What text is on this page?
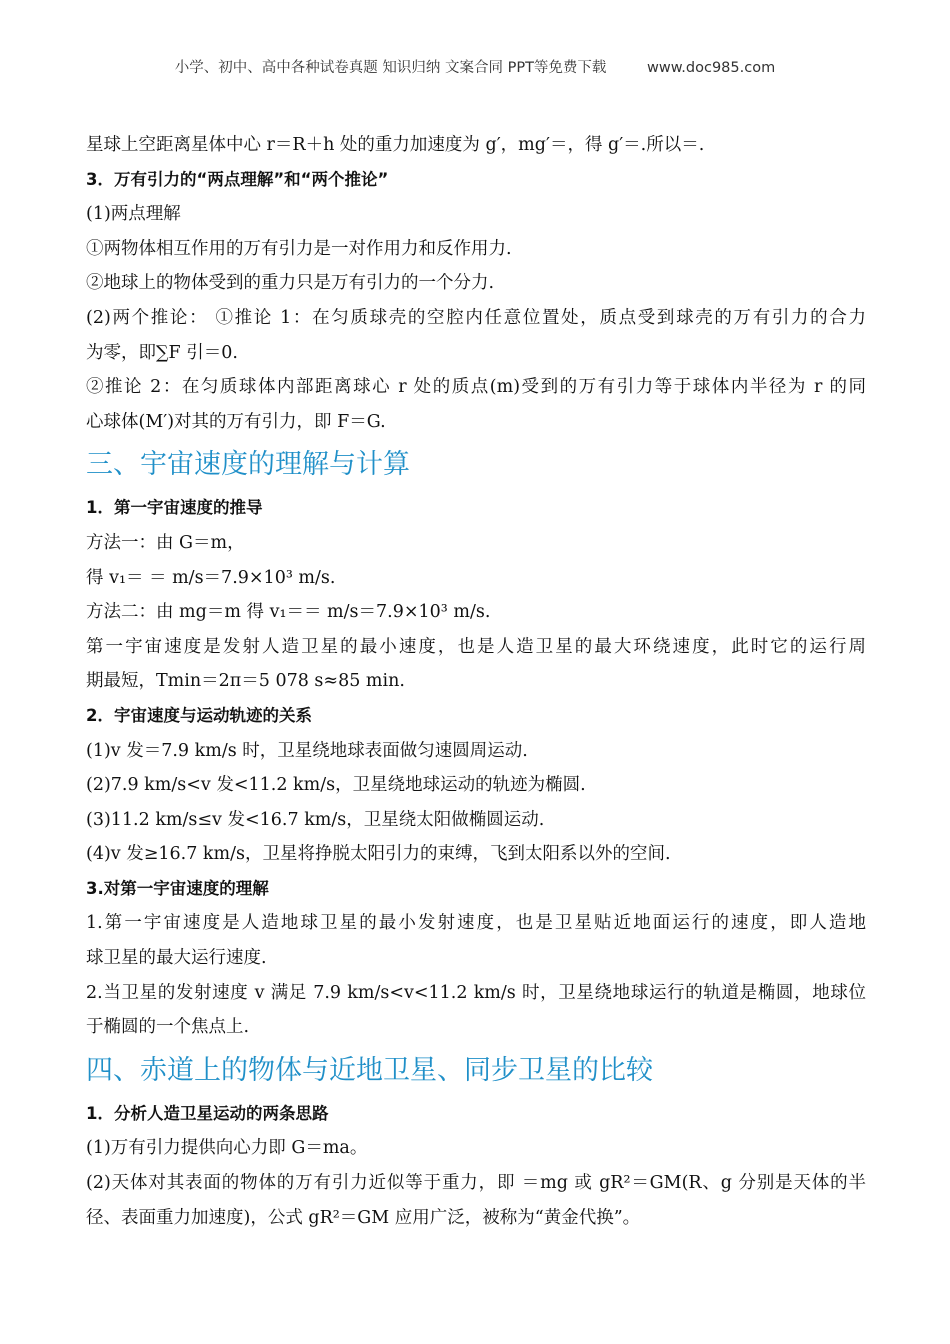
小学、初中、高中各种试卷真题 知识归纳 文案合同 PPT等免费下载	www.doc985.com
星球上空距离星体中心 r＝R＋h 处的重力加速度为 g′，mg′＝，得 g′＝.所以＝.
3．万有引力的“两点理解”和“两个推论”
(1)两点理解
①两物体相互作用的万有引力是一对作用力和反作用力.
②地球上的物体受到的重力只是万有引力的一个分力.
(2)两个推论： ①推论 1：在匀质球壳的空腔内任意位置处，质点受到球壳的万有引力的合力
为零，即∑F 引＝0.
②推论 2：在匀质球体内部距离球心 r 处的质点(m)受到的万有引力等于球体内半径为 r 的同
心球体(M′)对其的万有引力，即 F＝G.
三、宇宙速度的理解与计算
1．第一宇宙速度的推导
方法一：由 G＝m，
得 v₁＝ ＝ m/s＝7.9×10³ m/s.
方法二：由 mg＝m 得 v₁＝＝ m/s＝7.9×10³ m/s.
第一宇宙速度是发射人造卫星的最小速度，也是人造卫星的最大环绕速度，此时它的运行周
期最短，Tmin＝2π＝5 078 s≈85 min.
2．宇宙速度与运动轨迹的关系
(1)v 发＝7.9 km/s 时，卫星绕地球表面做匀速圆周运动.
(2)7.9 km/s<v 发<11.2 km/s，卫星绕地球运动的轨迹为椭圆.
(3)11.2 km/s≤v 发<16.7 km/s，卫星绕太阳做椭圆运动.
(4)v 发≥16.7 km/s，卫星将挣脱太阳引力的束缚，飞到太阳系以外的空间.
3.对第一宇宙速度的理解
1.第一宇宙速度是人造地球卫星的最小发射速度，也是卫星贴近地面运行的速度，即人造地
球卫星的最大运行速度.
2.当卫星的发射速度 v 满足 7.9 km/s<v<11.2 km/s 时，卫星绕地球运行的轨道是椭圆，地球位
于椭圆的一个焦点上.
四、赤道上的物体与近地卫星、同步卫星的比较
1．分析人造卫星运动的两条思路
(1)万有引力提供向心力即 G＝ma。
(2)天体对其表面的物体的万有引力近似等于重力，即 ＝mg 或 gR²＝GM(R、g 分别是天体的半
径、表面重力加速度)，公式 gR²＝GM 应用广泛，被称为“黄金代换”。
